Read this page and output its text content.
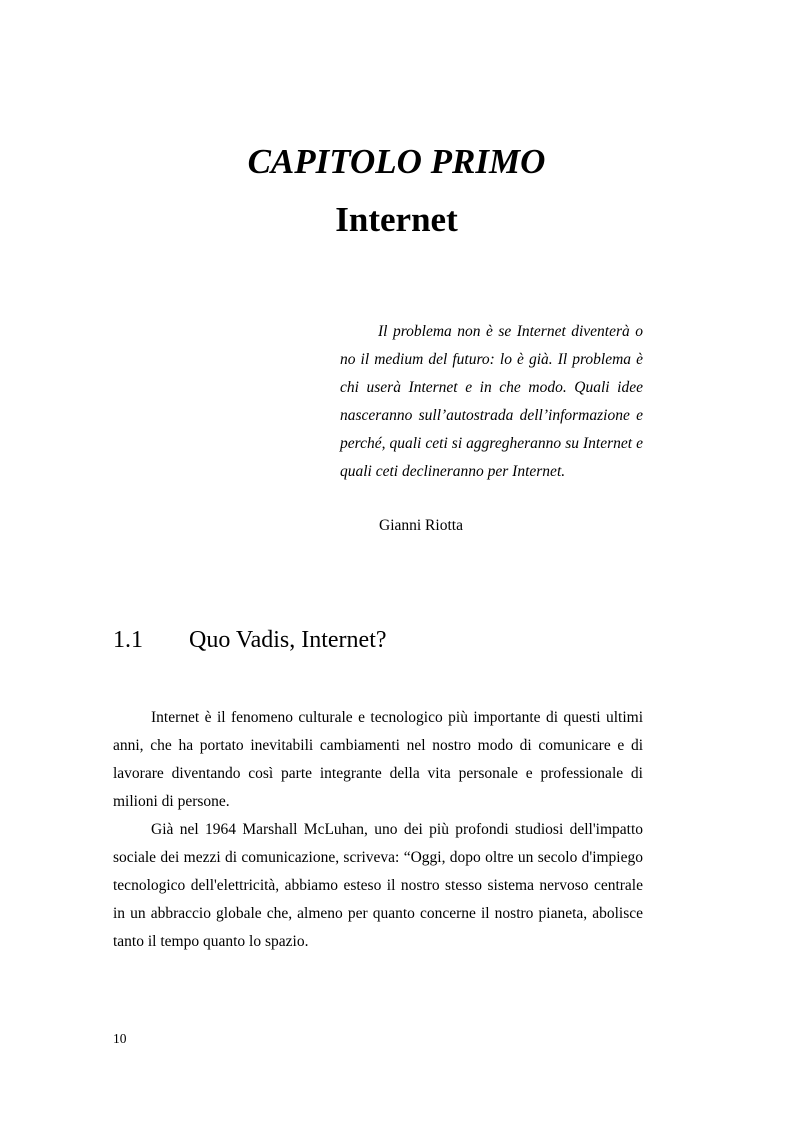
CAPITOLO PRIMO
Internet

Il problema non è se Internet diventerà o no il medium del futuro: lo è già. Il problema è chi userà Internet e in che modo. Quali idee nasceranno sull’autostrada dell’informazione e perché, quali ceti si aggregheranno su Internet e quali ceti declineranno per Internet.

Gianni Riotta

1.1 Quo Vadis, Internet?

Internet è il fenomeno culturale e tecnologico più importante di questi ultimi anni, che ha portato inevitabili cambiamenti nel nostro modo di comunicare e di lavorare diventando così parte integrante della vita personale e professionale di milioni di persone.

Già nel 1964 Marshall McLuhan, uno dei più profondi studiosi dell'impatto sociale dei mezzi di comunicazione, scriveva: “Oggi, dopo oltre un secolo d'impiego tecnologico dell'elettricità, abbiamo esteso il nostro stesso sistema nervoso centrale in un abbraccio globale che, almeno per quanto concerne il nostro pianeta, abolisce tanto il tempo quanto lo spazio.

10
